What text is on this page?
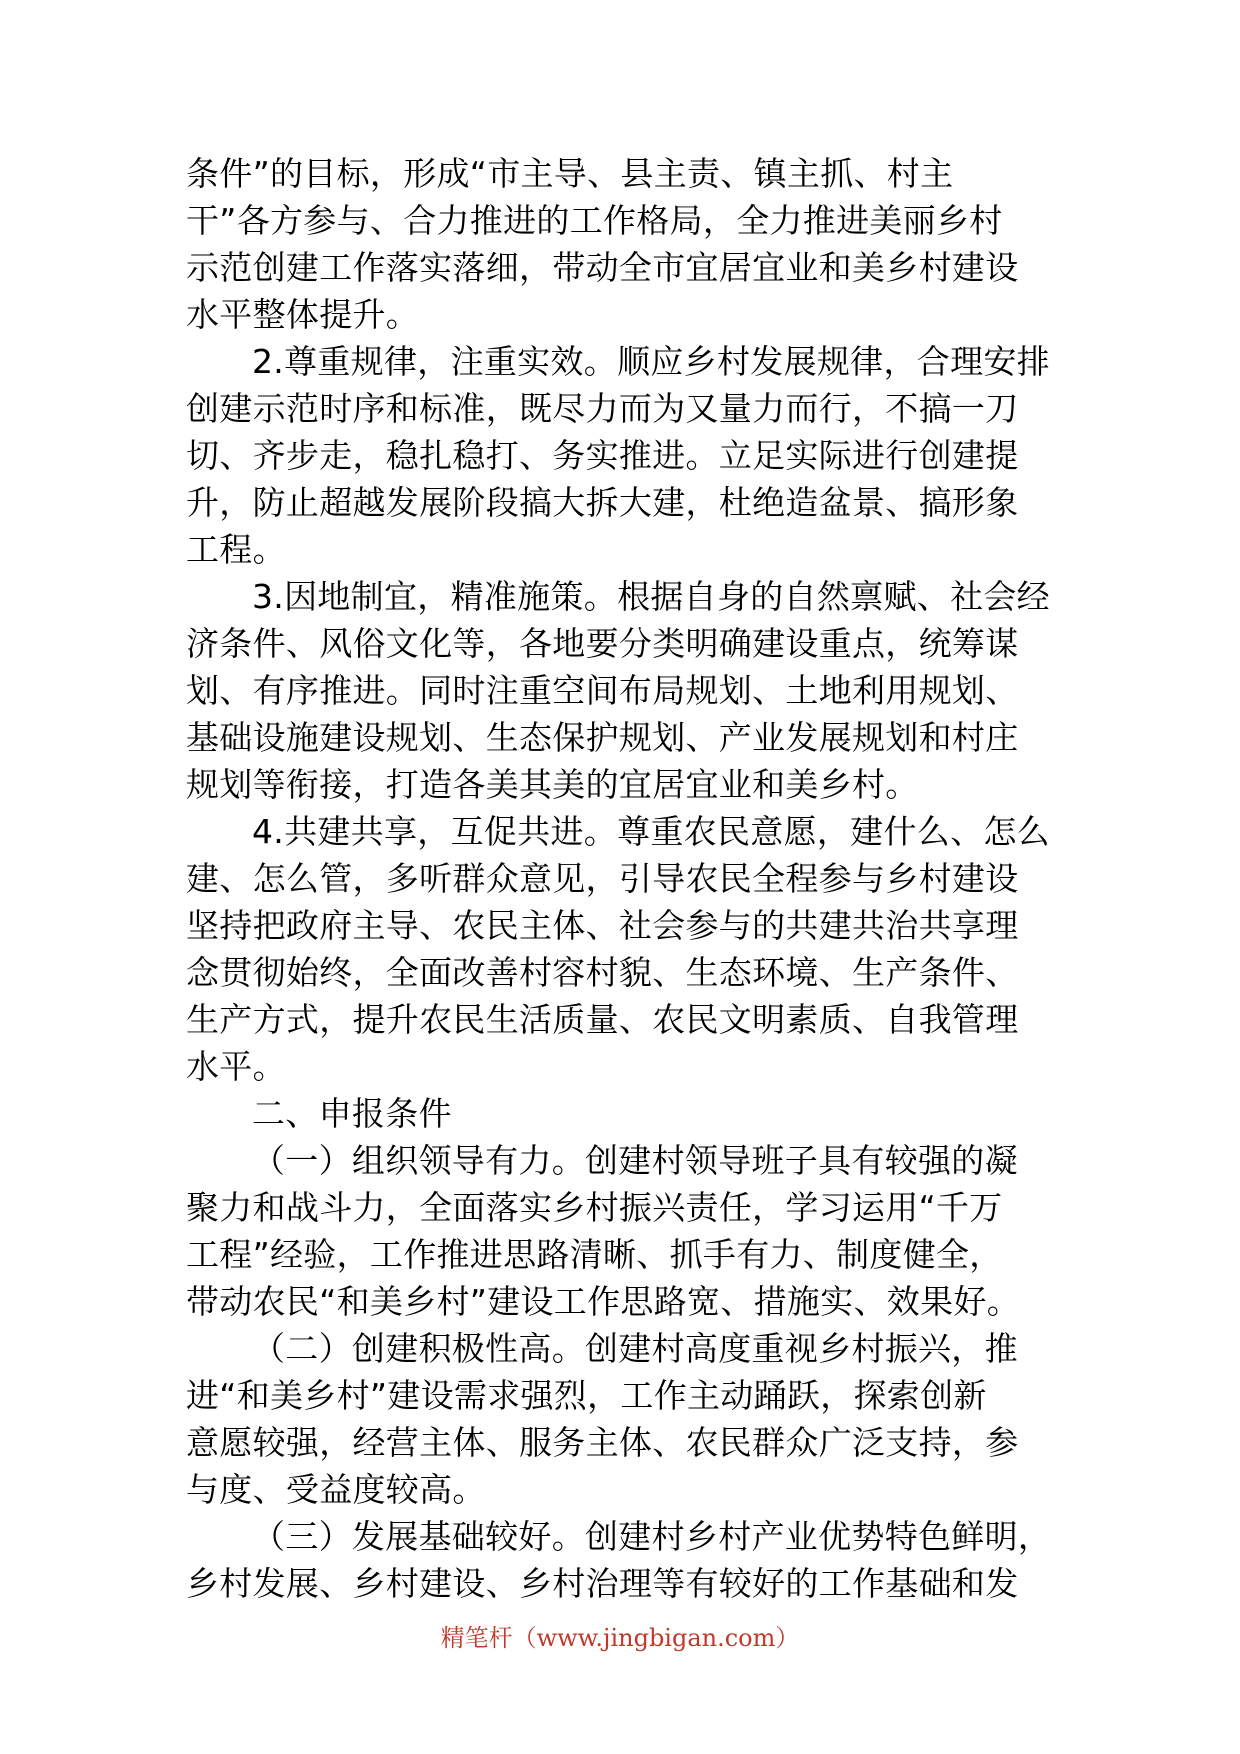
条件”的目标，形成“市主导、县主责、镇主抓、村主
干”各方参与、合力推进的工作格局，全力推进美丽乡村
示范创建工作落实落细，带动全市宜居宜业和美乡村建设
水平整体提升。
2.尊重规律，注重实效。顺应乡村发展规律，合理安排
创建示范时序和标准，既尽力而为又量力而行，不搞一刀
切、齐步走，稳扎稳打、务实推进。立足实际进行创建提
升，防止超越发展阶段搞大拆大建，杜绝造盆景、搞形象
工程。
3.因地制宜，精准施策。根据自身的自然禀赋、社会经
济条件、风俗文化等，各地要分类明确建设重点，统筹谋
划、有序推进。同时注重空间布局规划、土地利用规划、
基础设施建设规划、生态保护规划、产业发展规划和村庄
规划等衔接，打造各美其美的宜居宜业和美乡村。
4.共建共享，互促共进。尊重农民意愿，建什么、怎么
建、怎么管，多听群众意见，引导农民全程参与乡村建设
坚持把政府主导、农民主体、社会参与的共建共治共享理
念贯彻始终，全面改善村容村貌、生态环境、生产条件、
生产方式，提升农民生活质量、农民文明素质、自我管理
水平。
二、申报条件
（一）组织领导有力。创建村领导班子具有较强的凝
聚力和战斗力，全面落实乡村振兴责任，学习运用“千万
工程”经验，工作推进思路清晰、抓手有力、制度健全，
带动农民“和美乡村”建设工作思路宽、措施实、效果好。
（二）创建积极性高。创建村高度重视乡村振兴，推
进“和美乡村”建设需求强烈，工作主动踊跃，探索创新
意愿较强，经营主体、服务主体、农民群众广泛支持，参
与度、受益度较高。
（三）发展基础较好。创建村乡村产业优势特色鲜明，
乡村发展、乡村建设、乡村治理等有较好的工作基础和发
精笔杆（www.jingbigan.com）
